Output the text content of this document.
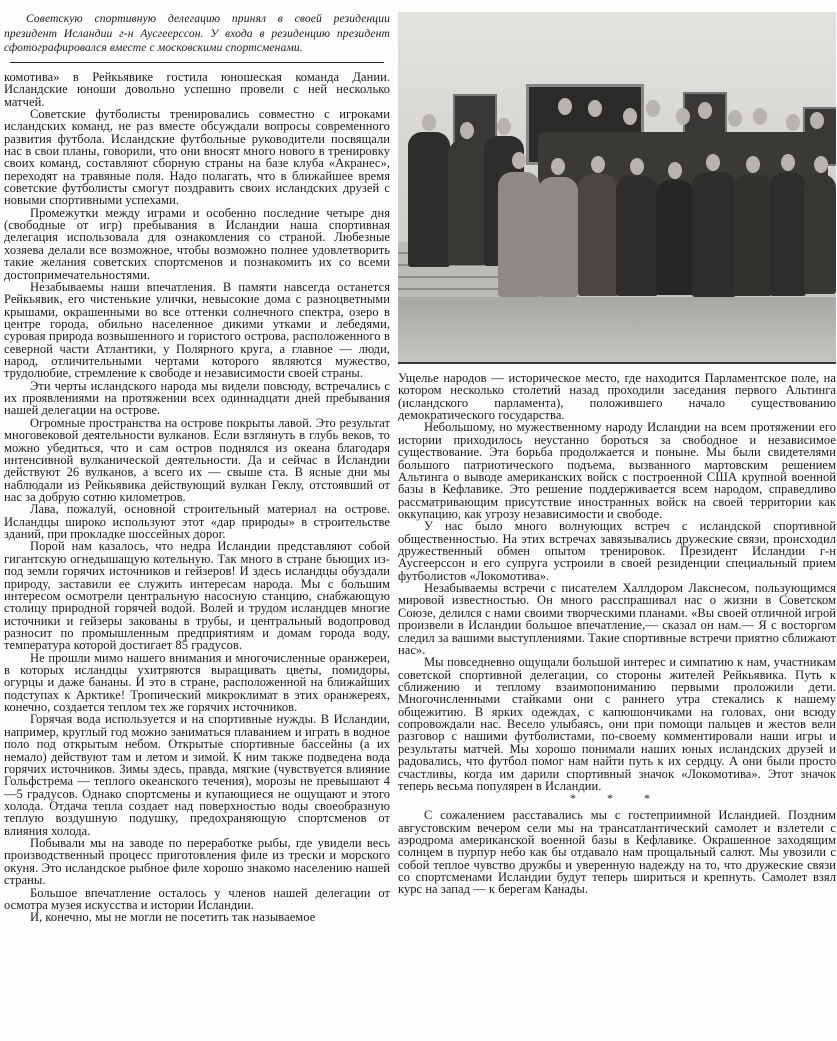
Советскую спортивную делегацию принял в своей резиденции президент Исландии г-н Аусгеерссон. У входа в резиденцию президент сфотографировался вместе с московскими спортсменами.

комотива» в Рейкьявике гостила юношеская команда Дании. Исландские юноши довольно успешно провели с ней несколько матчей.

Советские футболисты тренировались совместно с игроками исландских команд, не раз вместе обсуждали вопросы современного развития футбола. Исландские футбольные руководители посвящали нас в свои планы, говорили, что они вносят много нового в тренировку своих команд, составляют сборную страны на базе клуба «Акранес», переходят на травяные поля. Надо полагать, что в ближайшее время советские футболисты смогут поздравить своих исландских друзей с новыми спортивными успехами.

Промежутки между играми и особенно последние четыре дня (свободные от игр) пребывания в Исландии наша спортивная делегация использовала для ознакомления со страной. Любезные хозяева делали все возможное, чтобы возможно полнее удовлетворить такие желания советских спортсменов и познакомить их со всеми достопримечательностями.

Незабываемы наши впечатления. В памяти навсегда останется Рейкьявик, его чистенькие улички, невысокие дома с разноцветными крышами, окрашенными во все оттенки солнечного спектра, озеро в центре города, обильно населенное дикими утками и лебедями, суровая природа возвышенного и гористого острова, расположенного в северной части Атлантики, у Полярного круга, а главное — люди, народ, отличительными чертами которого являются мужество, трудолюбие, стремление к свободе и независимости своей страны.

Эти черты исландского народа мы видели повсюду, встречались с их проявлениями на протяжении всех одиннадцати дней пребывания нашей делегации на острове.

Огромные пространства на острове покрыты лавой. Это результат многовековой деятельности вулканов. Если взглянуть в глубь веков, то можно убедиться, что и сам остров поднялся из океана благодаря интенсивной вулканической деятельности. Да и сейчас в Исландии действуют 26 вулканов, а всего их — свыше ста. В ясные дни мы наблюдали из Рейкьявика действующий вулкан Геклу, отстоявший от нас за добрую сотню километров.

Лава, пожалуй, основной строительный материал на острове. Исландцы широко используют этот «дар природы» в строительстве зданий, при прокладке шоссейных дорог.

Порой нам казалось, что недра Исландии представляют собой гигантскую огнедышащую котельную. Так много в стране бьющих из-под земли горячих источников и гейзеров! И здесь исландцы обуздали природу, заставили ее служить интересам народа. Мы с большим интересом осмотрели центральную насосную станцию, снабжающую столицу природной горячей водой. Волей и трудом исландцев многие источники и гейзеры закованы в трубы, и центральный водопровод разносит по промышленным предприятиям и домам города воду, температура которой достигает 85 градусов.

Не прошли мимо нашего внимания и многочисленные оранжереи, в которых исландцы ухитряются выращивать цветы, помидоры, огурцы и даже бананы. И это в стране, расположенной на ближайших подступах к Арктике! Тропический микроклимат в этих оранжереях, конечно, создается теплом тех же горячих источников.

Горячая вода используется и на спортивные нужды. В Исландии, например, круглый год можно заниматься плаванием и играть в водное поло под открытым небом. Открытые спортивные бассейны (а их немало) действуют там и летом и зимой. К ним также подведена вода горячих источников. Зимы здесь, правда, мягкие (чувствуется влияние Гольфстрема — теплого океанского течения), морозы не превышают 4—5 градусов. Однако спортсмены и купающиеся не ощущают и этого холода. Отдача тепла создает над поверхностью воды своеобразную теплую воздушную подушку, предохраняющую спортсменов от влияния холода.

Побывали мы на заводе по переработке рыбы, где увидели весь производственный процесс приготовления филе из трески и морского окуня. Это исландское рыбное филе хорошо знакомо населению нашей страны.

Большое впечатление осталось у членов нашей делегации от осмотра музея искусства и истории Исландии.

И, конечно, мы не могли не посетить так называемое

Ущелье народов — историческое место, где находится Парламентское поле, на котором несколько столетий назад проходили заседания первого Альтинга (исландского парламента), положившего начало существованию демократического государства.

Небольшому, но мужественному народу Исландии на всем протяжении его истории приходилось неустанно бороться за свободное и независимое существование. Эта борьба продолжается и поныне. Мы были свидетелями большого патриотического подъема, вызванного мартовским решением Альтинга о выводе американских войск с построенной США крупной военной базы в Кефлавике. Это решение поддерживается всем народом, справедливо рассматривающим присутствие иностранных войск на своей территории как оккупацию, как угрозу независимости и свободе.

У нас было много волнующих встреч с исландской спортивной общественностью. На этих встречах завязывались дружеские связи, происходил дружественный обмен опытом тренировок. Президент Исландии г-н Аусгеерссон и его супруга устроили в своей резиденции специальный прием футболистов «Локомотива».

Незабываемы встречи с писателем Халлдором Лакснесом, пользующимся мировой известностью. Он много расспрашивал нас о жизни в Советском Союзе, делился с нами своими творческими планами. «Вы своей отличной игрой произвели в Исландии большое впечатление,— сказал он нам.— Я с восторгом следил за вашими выступлениями. Такие спортивные встречи приятно сближают нас».

Мы повседневно ощущали большой интерес и симпатию к нам, участникам советской спортивной делегации, со стороны жителей Рейкьявика. Путь к сближению и теплому взаимопониманию первыми проложили дети. Многочисленными стайками они с раннего утра стекались к нашему общежитию. В ярких одеждах, с капюшончиками на головах, они всюду сопровождали нас. Весело улыбаясь, они при помощи пальцев и жестов вели разговор с нашими футболистами, по-своему комментировали наши игры и результаты матчей. Мы хорошо понимали наших юных исландских друзей и радовались, что футбол помог нам найти путь к их сердцу. А они были просто счастливы, когда им дарили спортивный значок «Локомотива». Этот значок теперь весьма популярен в Исландии.

* * *

С сожалением расставались мы с гостеприимной Исландией. Поздним августовским вечером сели мы на трансатлантический самолет и взлетели с аэродрома американской военной базы в Кефлавике. Окрашенное заходящим солнцем в пурпур небо как бы отдавало нам прощальный салют. Мы увозили с собой теплое чувство дружбы и уверенную надежду на то, что дружеские связи со спортсменами Исландии будут теперь шириться и крепнуть. Самолет взял курс на запад — к берегам Канады.
